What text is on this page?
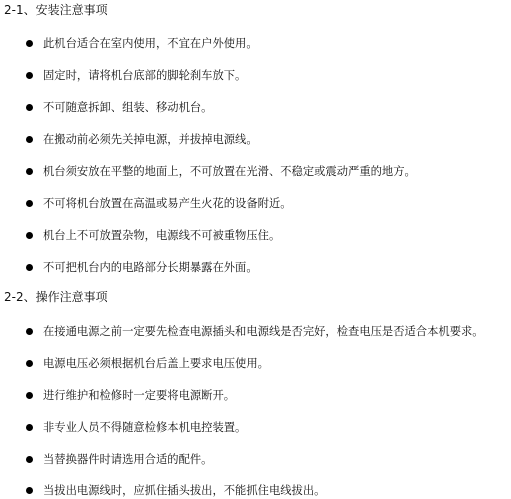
2-1、安装注意事项
此机台适合在室内使用，不宜在户外使用。
固定时，请将机台底部的脚轮刹车放下。
不可随意拆卸、组装、移动机台。
在搬动前必须先关掉电源，并拔掉电源线。
机台须安放在平整的地面上，不可放置在光滑、不稳定或震动严重的地方。
不可将机台放置在高温或易产生火花的设备附近。
机台上不可放置杂物，电源线不可被重物压住。
不可把机台内的电路部分长期暴露在外面。
2-2、操作注意事项
在接通电源之前一定要先检查电源插头和电源线是否完好，检查电压是否适合本机要求。
电源电压必须根据机台后盖上要求电压使用。
进行维护和检修时一定要将电源断开。
非专业人员不得随意检修本机电控装置。
当替换器件时请选用合适的配件。
当拔出电源线时，应抓住插头拔出，不能抓住电线拔出。
